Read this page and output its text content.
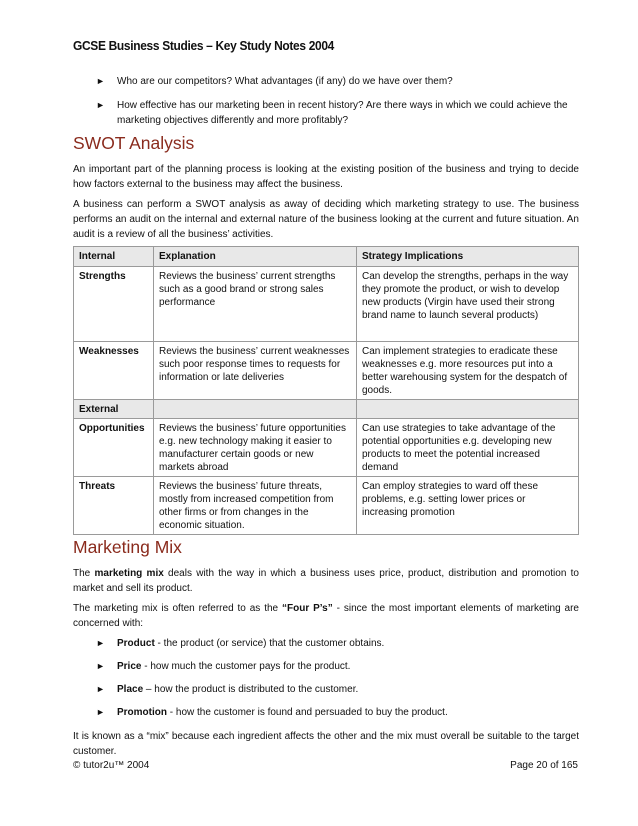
GCSE Business Studies – Key Study Notes 2004
► Who are our competitors? What advantages (if any) do we have over them?
► How effective has our marketing been in recent history? Are there ways in which we could achieve the marketing objectives differently and more profitably?
SWOT Analysis
An important part of the planning process is looking at the existing position of the business and trying to decide how factors external to the business may affect the business.
A business can perform a SWOT analysis as away of deciding which marketing strategy to use. The business performs an audit on the internal and external nature of the business looking at the current and future situation. An audit is a review of all the business’ activities.
Internal	Explanation	Strategy Implications
Strengths	Reviews the business’ current strengths such as a good brand or strong sales performance	Can develop the strengths, perhaps in the way they promote the product, or wish to develop new products (Virgin have used their strong brand name to launch several products)
Weaknesses	Reviews the business’ current weaknesses such poor response times to requests for information or late deliveries	Can implement strategies to eradicate these weaknesses e.g. more resources put into a better warehousing system for the despatch of goods.
External		
Opportunities	Reviews the business’ future opportunities e.g. new technology making it easier to manufacturer certain goods or new markets abroad	Can use strategies to take advantage of the potential opportunities e.g. developing new products to meet the potential increased demand
Threats	Reviews the business’ future threats, mostly from increased competition from other firms or from changes in the economic situation.	Can employ strategies to ward off these problems, e.g. setting lower prices or increasing promotion
Marketing Mix
The marketing mix deals with the way in which a business uses price, product, distribution and promotion to market and sell its product.
The marketing mix is often referred to as the “Four P’s” - since the most important elements of marketing are concerned with:
► Product - the product (or service) that the customer obtains.
► Price - how much the customer pays for the product.
► Place – how the product is distributed to the customer.
► Promotion - how the customer is found and persuaded to buy the product.
It is known as a “mix” because each ingredient affects the other and the mix must overall be suitable to the target customer.
© tutor2u™ 2004	Page 20 of 165
